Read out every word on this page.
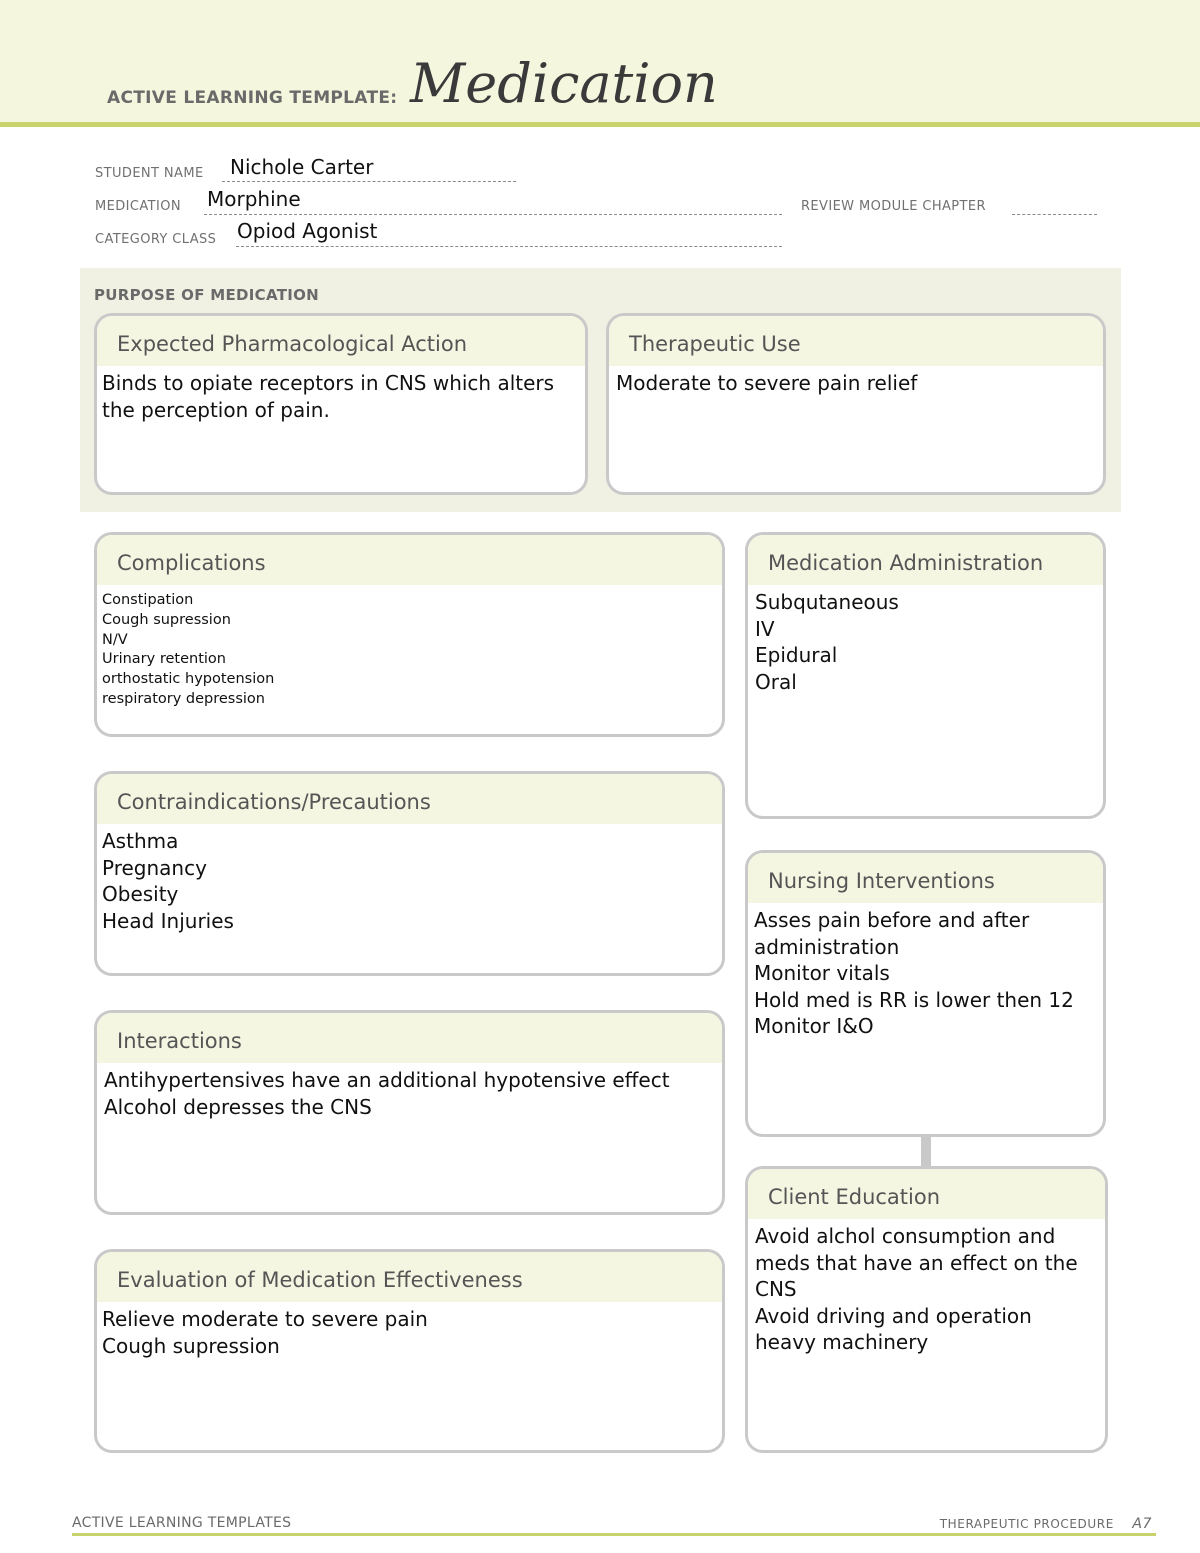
ACTIVE LEARNING TEMPLATE: Medication
STUDENT NAME Nichole Carter
MEDICATION Morphine	REVIEW MODULE CHAPTER
CATEGORY CLASS Opiod Agonist
PURPOSE OF MEDICATION
Expected Pharmacological Action
Binds to opiate receptors in CNS which alters
the perception of pain.
Therapeutic Use
Moderate to severe pain relief
Complications
Constipation
Cough supression
N/V
Urinary retention
orthostatic hypotension
respiratory depression
Medication Administration
Subqutaneous
IV
Epidural
Oral
Contraindications/Precautions
Asthma
Pregnancy
Obesity
Head Injuries
Nursing Interventions
Asses pain before and after
administration
Monitor vitals
Hold med is RR is lower then 12
Monitor I&O
Interactions
Antihypertensives have an additional hypotensive effect
Alcohol depresses the CNS
Client Education
Avoid alchol consumption and
meds that have an effect on the
CNS
Avoid driving and operation
heavy machinery
Evaluation of Medication Effectiveness
Relieve moderate to severe pain
Cough supression
ACTIVE LEARNING TEMPLATES	THERAPEUTIC PROCEDURE A7
